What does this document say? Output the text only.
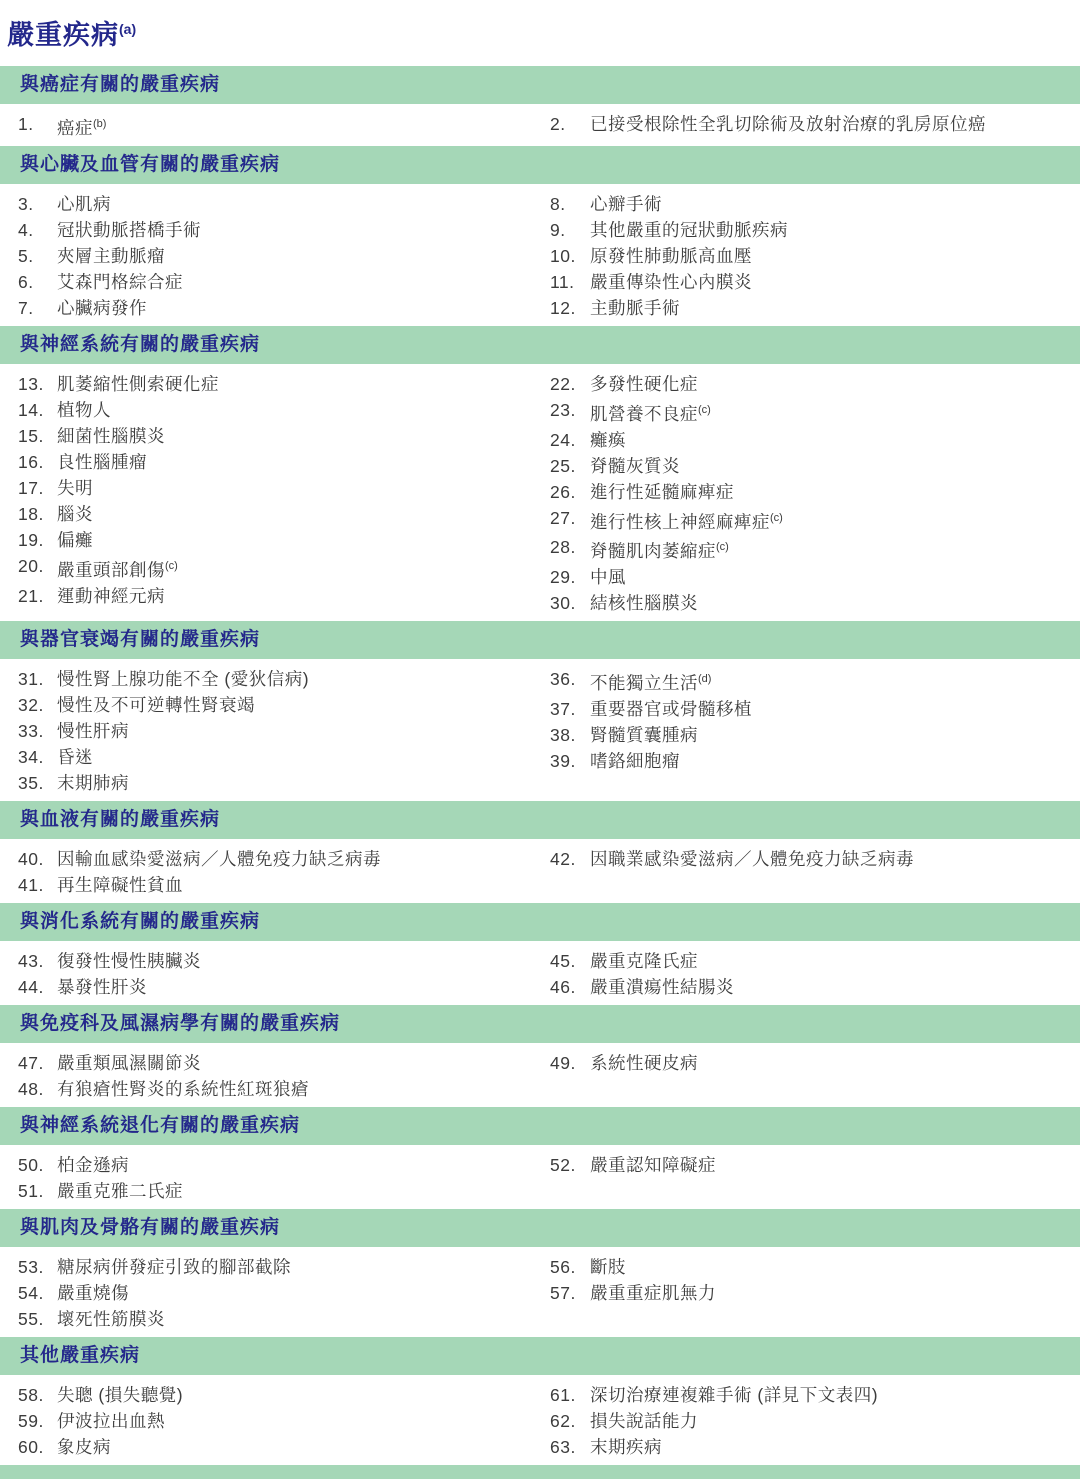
嚴重疾病$^{(a)}$
與癌症有關的嚴重疾病
1.	癌症$^{(b)}$	2.	已接受根除性全乳切除術及放射治療的乳房原位癌
與心臟及血管有關的嚴重疾病
3.	心肌病
4.	冠狀動脈搭橋手術
5.	夾層主動脈瘤
6.	艾森門格綜合症
7.	心臟病發作
8.	心瓣手術
9.	其他嚴重的冠狀動脈疾病
10. 原發性肺動脈高血壓
11. 嚴重傳染性心內膜炎
12. 主動脈手術
與神經系統有關的嚴重疾病
13. 肌萎縮性側索硬化症
14. 植物人
15. 細菌性腦膜炎
16. 良性腦腫瘤
17. 失明
18. 腦炎
19. 偏癱
20. 嚴重頭部創傷$^{(c)}$
21. 運動神經元病
22. 多發性硬化症
23. 肌營養不良症$^{(c)}$
24. 癱瘓
25. 脊髓灰質炎
26. 進行性延髓麻痺症
27. 進行性核上神經麻痺症$^{(c)}$
28. 脊髓肌肉萎縮症$^{(c)}$
29. 中風
30. 結核性腦膜炎
與器官衰竭有關的嚴重疾病
31. 慢性腎上腺功能不全 (愛狄信病)
32. 慢性及不可逆轉性腎衰竭
33. 慢性肝病
34. 昏迷
35. 末期肺病
36. 不能獨立生活$^{(d)}$
37. 重要器官或骨髓移植
38. 腎髓質囊腫病
39. 嗜鉻細胞瘤
與血液有關的嚴重疾病
40. 因輸血感染愛滋病／人體免疫力缺乏病毒
41. 再生障礙性貧血
42. 因職業感染愛滋病／人體免疫力缺乏病毒
與消化系統有關的嚴重疾病
43. 復發性慢性胰臟炎
44. 暴發性肝炎
45. 嚴重克隆氏症
46. 嚴重潰瘍性結腸炎
與免疫科及風濕病學有關的嚴重疾病
47. 嚴重類風濕關節炎
48. 有狼瘡性腎炎的系統性紅斑狼瘡
49. 系統性硬皮病
與神經系統退化有關的嚴重疾病
50. 柏金遜病
51. 嚴重克雅二氏症
52. 嚴重認知障礙症
與肌肉及骨骼有關的嚴重疾病
53. 糖尿病併發症引致的腳部截除
54. 嚴重燒傷
55. 壞死性筋膜炎
56. 斷肢
57. 嚴重重症肌無力
其他嚴重疾病
58. 失聰 (損失聽覺)
59. 伊波拉出血熱
60. 象皮病
61. 深切治療連複雜手術 (詳見下文表四)
62. 損失說話能力
63. 末期疾病
